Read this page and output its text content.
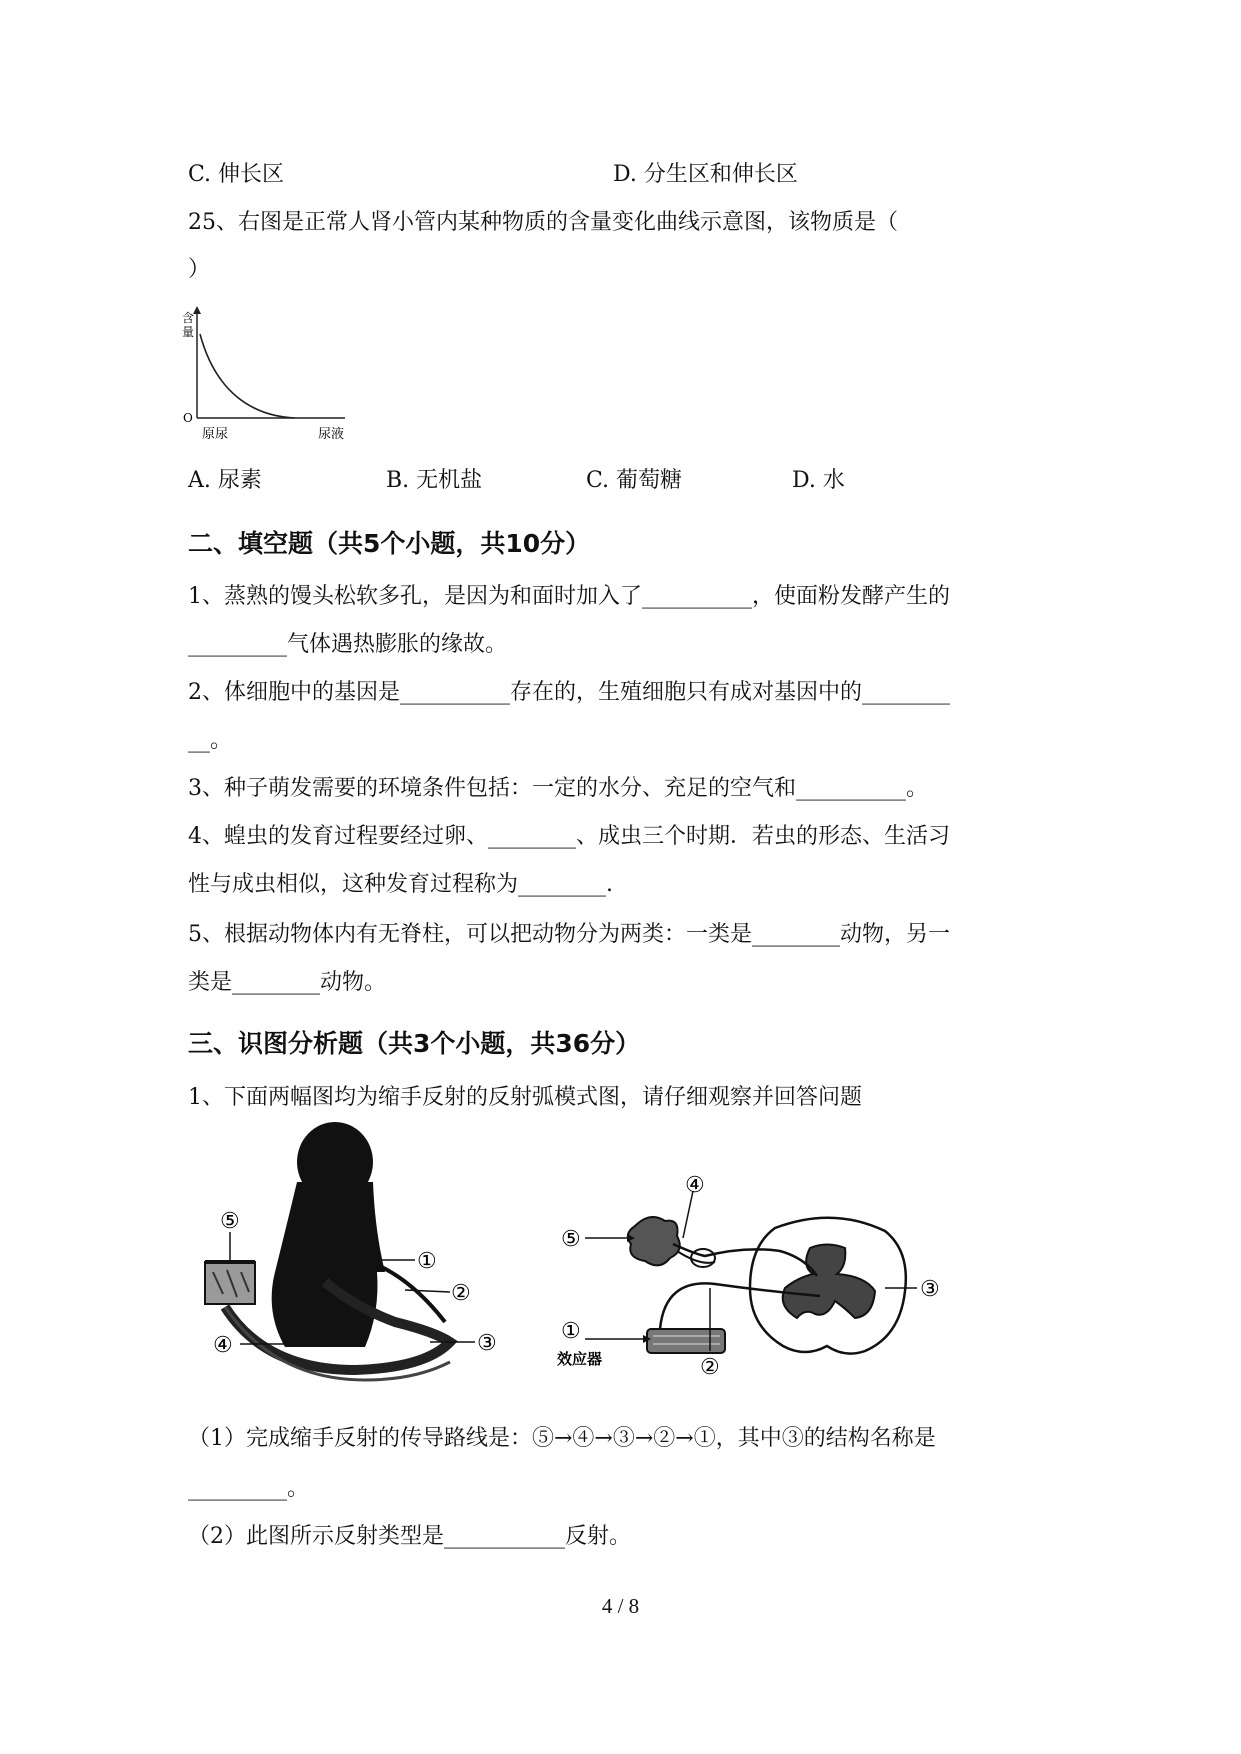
C. 伸长区	D. 分生区和伸长区
25、右图是正常人肾小管内某种物质的含量变化曲线示意图，该物质是（
）
含
量
O
原尿	尿液
A. 尿素	B. 无机盐	C. 葡萄糖	D. 水
二、填空题（共5个小题，共10分）
1、蒸熟的馒头松软多孔，是因为和面时加入了__________，使面粉发酵产生的
_________气体遇热膨胀的缘故。
2、体细胞中的基因是__________存在的，生殖细胞只有成对基因中的________
__。
3、种子萌发需要的环境条件包括：一定的水分、充足的空气和__________。
4、蝗虫的发育过程要经过卵、________、成虫三个时期．若虫的形态、生活习
性与成虫相似，这种发育过程称为________.
5、根据动物体内有无脊柱，可以把动物分为两类：一类是________动物，另一
类是________动物。
三、识图分析题（共3个小题，共36分）
1、下面两幅图均为缩手反射的反射弧模式图，请仔细观察并回答问题
⑤
①
②
④	③
⑤
④
③
①
效应器	②
（1）完成缩手反射的传导路线是：⑤→④→③→②→①，其中③的结构名称是
_________。
（2）此图所示反射类型是___________反射。
4 / 8
